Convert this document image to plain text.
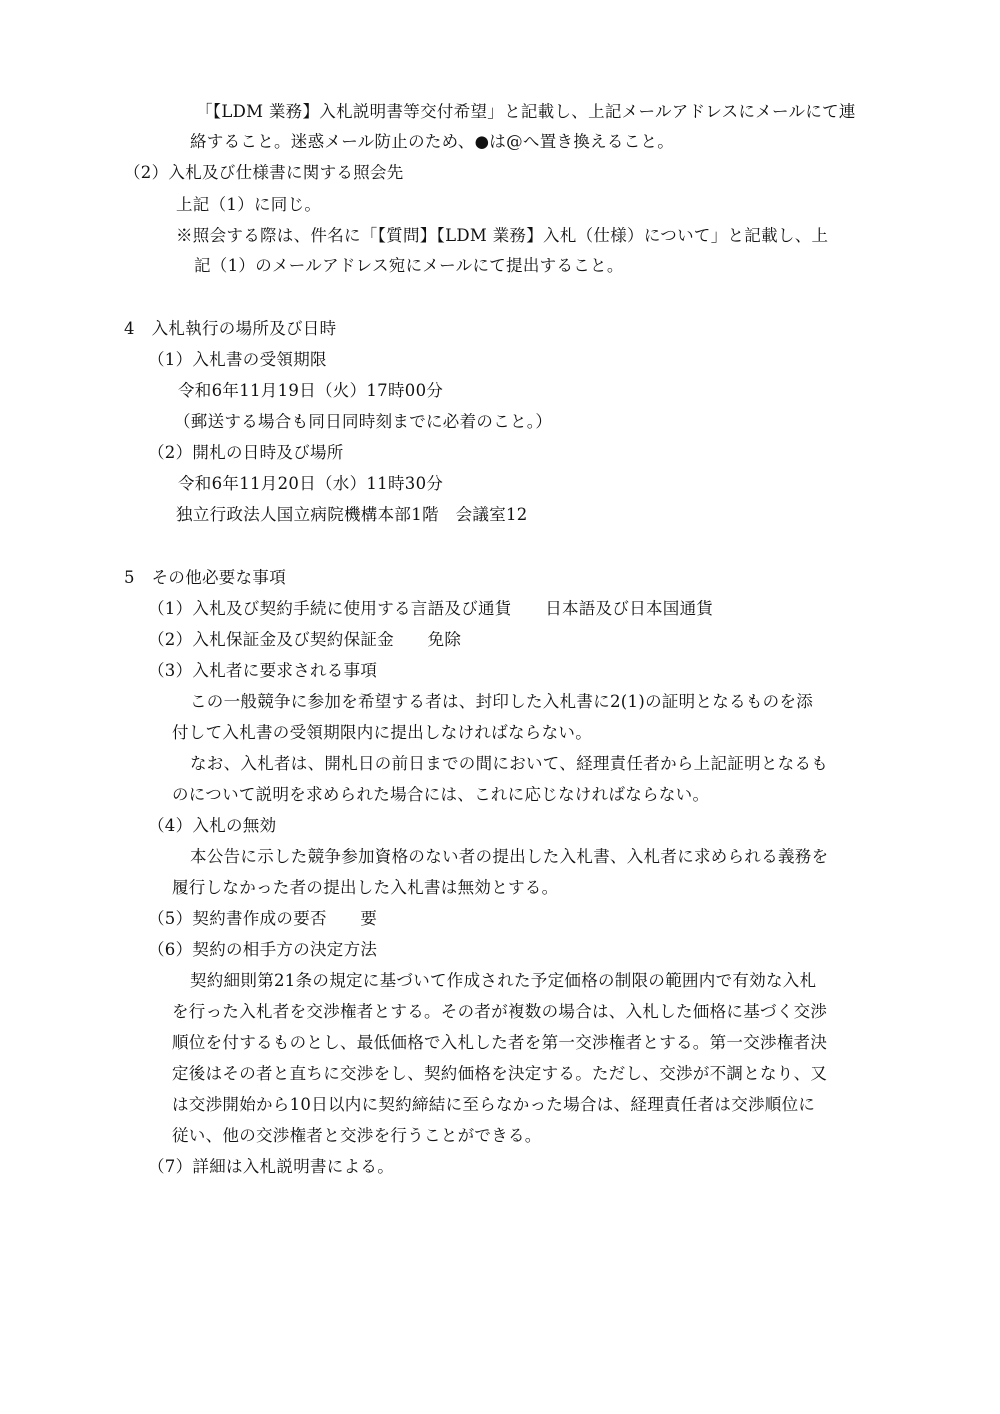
「【LDM 業務】入札説明書等交付希望」と記載し、上記メールアドレスにメールにて連
絡すること。迷惑メール防止のため、●は@へ置き換えること。
（2）入札及び仕様書に関する照会先
上記（1）に同じ。
※照会する際は、件名に「【質問】【LDM 業務】入札（仕様）について」と記載し、上
記（1）のメールアドレス宛にメールにて提出すること。
4　入札執行の場所及び日時
（1）入札書の受領期限
令和6年11月19日（火）17時00分
（郵送する場合も同日同時刻までに必着のこと。）
（2）開札の日時及び場所
令和6年11月20日（水）11時30分
独立行政法人国立病院機構本部1階　会議室12
5　その他必要な事項
（1）入札及び契約手続に使用する言語及び通貨　　日本語及び日本国通貨
（2）入札保証金及び契約保証金　　免除
（3）入札者に要求される事項
この一般競争に参加を希望する者は、封印した入札書に2(1)の証明となるものを添
付して入札書の受領期限内に提出しなければならない。
なお、入札者は、開札日の前日までの間において、経理責任者から上記証明となるも
のについて説明を求められた場合には、これに応じなければならない。
（4）入札の無効
本公告に示した競争参加資格のない者の提出した入札書、入札者に求められる義務を
履行しなかった者の提出した入札書は無効とする。
（5）契約書作成の要否　　要
（6）契約の相手方の決定方法
契約細則第21条の規定に基づいて作成された予定価格の制限の範囲内で有効な入札
を行った入札者を交渉権者とする。その者が複数の場合は、入札した価格に基づく交渉
順位を付するものとし、最低価格で入札した者を第一交渉権者とする。第一交渉権者決
定後はその者と直ちに交渉をし、契約価格を決定する。ただし、交渉が不調となり、又
は交渉開始から10日以内に契約締結に至らなかった場合は、経理責任者は交渉順位に
従い、他の交渉権者と交渉を行うことができる。
（7）詳細は入札説明書による。
